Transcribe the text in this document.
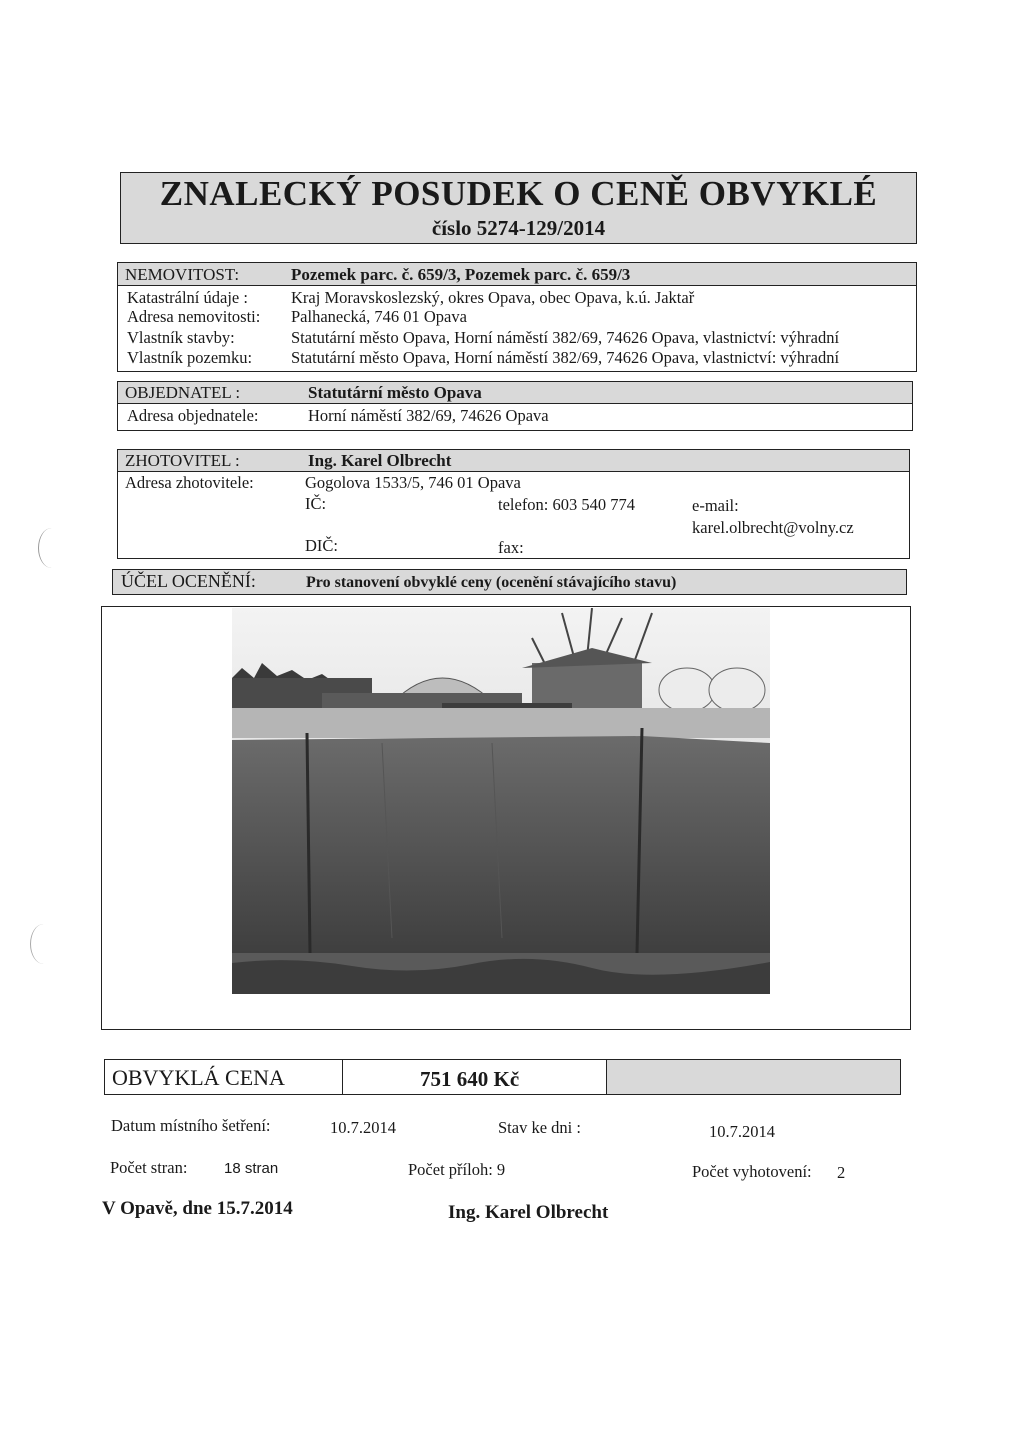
ZNALECKÝ POSUDEK O CENĚ OBVYKLÉ
číslo 5274-129/2014
NEMOVITOST:	Pozemek parc. č. 659/3, Pozemek parc. č. 659/3
Katastrální údaje :	Kraj Moravskoslezský, okres Opava, obec Opava, k.ú. Jaktař
Adresa nemovitosti: Palhanecká, 746 01 Opava
Vlastník stavby:	Statutární město Opava, Horní náměstí 382/69, 74626 Opava, vlastnictví: výhradní
Vlastník pozemku: Statutární město Opava, Horní náměstí 382/69, 74626 Opava, vlastnictví: výhradní
OBJEDNATEL :	Statutární město Opava
Adresa objednatele:	Horní náměstí 382/69, 74626 Opava
ZHOTOVITEL :	Ing. Karel Olbrecht
Adresa zhotovitele:	Gogolova 1533/5, 746 01 Opava
IČ:	telefon: 603 540 774	e-mail:
karel.olbrecht@volny.cz
DIČ:	fax:
ÚČEL OCENĚNÍ:	Pro stanovení obvyklé ceny (ocenění stávajícího stavu)
OBVYKLÁ CENA	751 640 Kč
Datum místního šetření:	10.7.2014	Stav ke dni :	10.7.2014
Počet stran: 18 stran	Počet příloh: 9	Počet vyhotovení: 2
V Opavě, dne 15.7.2014	Ing. Karel Olbrecht
